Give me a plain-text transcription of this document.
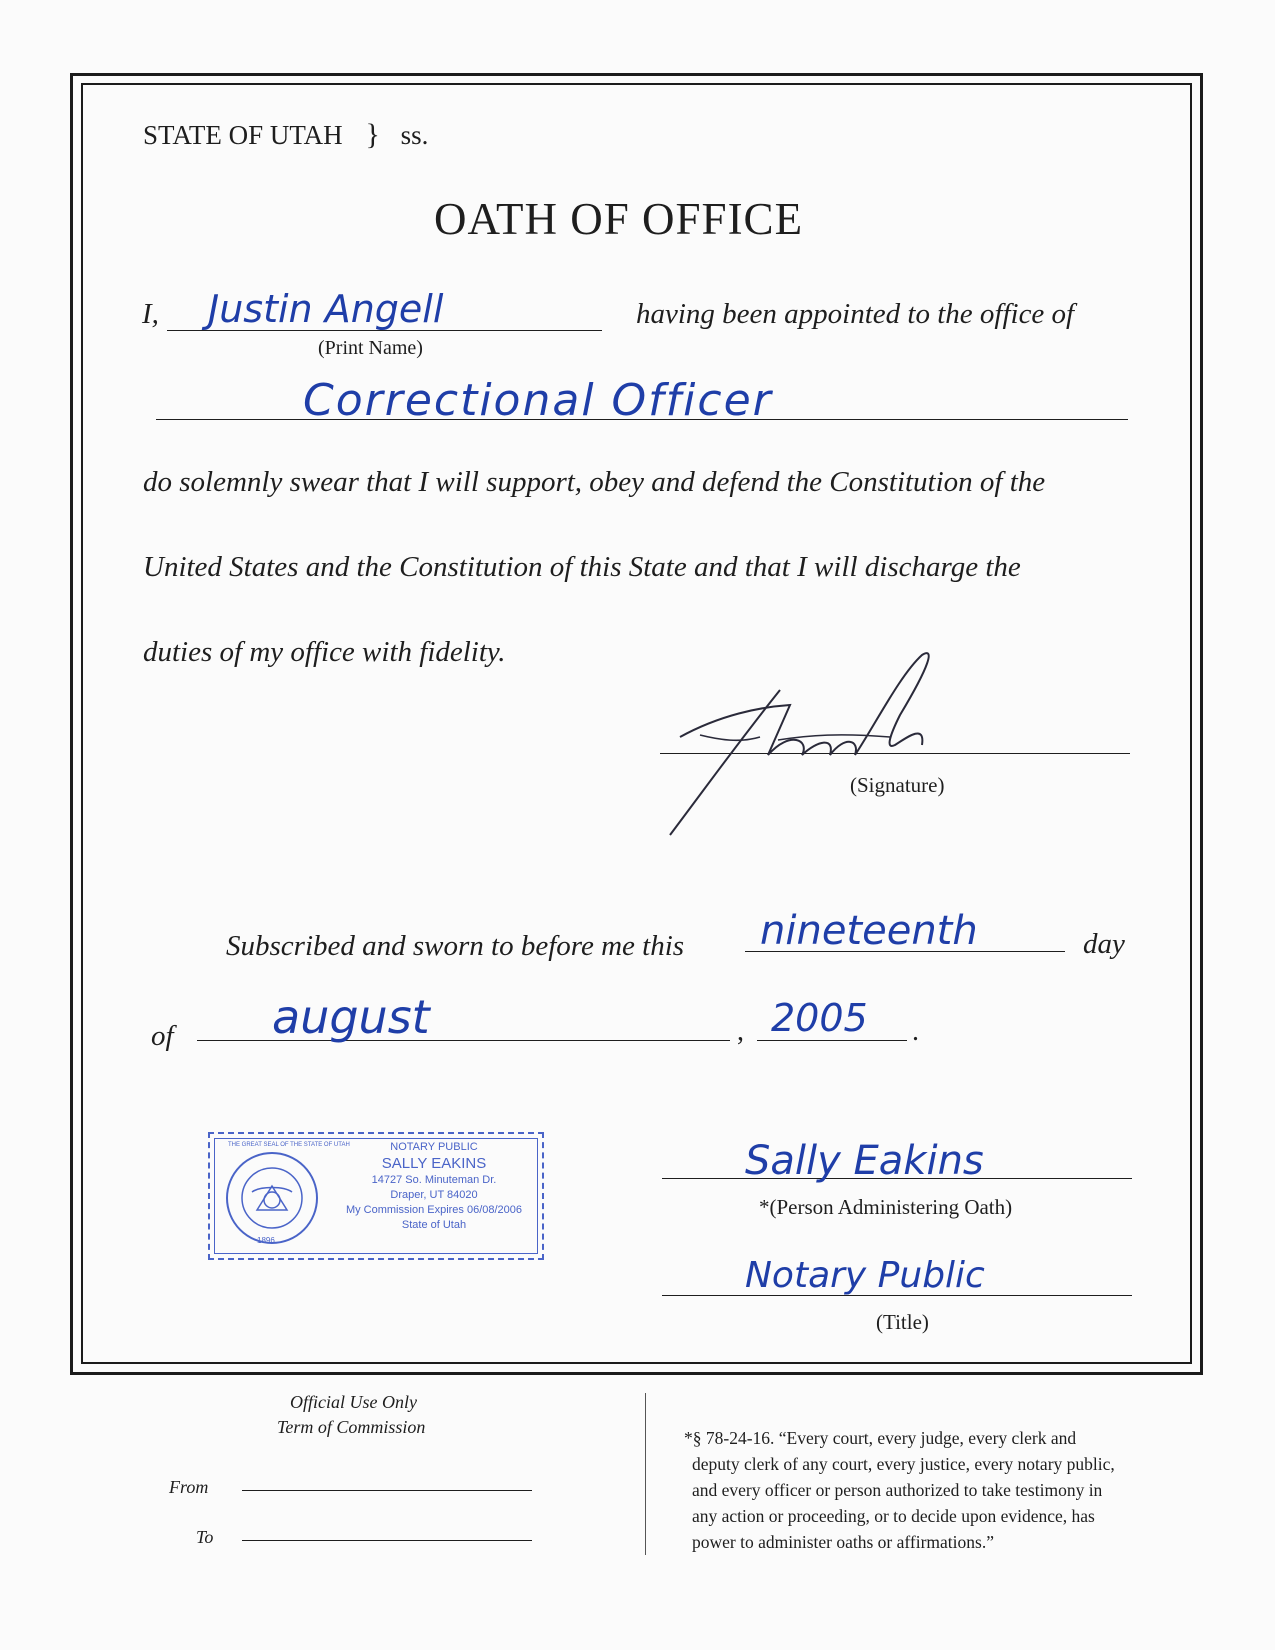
STATE OF UTAH } ss.
OATH OF OFFICE
I, Justin Angell
(Print Name)
having been appointed to the office of
Correctional Officer
do solemnly swear that I will support, obey and defend the Constitution of the
United States and the Constitution of this State and that I will discharge the
duties of my office with fidelity.
(Signature)
Subscribed and sworn to before me this nineteenth	day
of august	, 2005 .
1896
THE GREAT SEAL OF THE STATE OF UTAH	NOTARY PUBLIC
SALLY EAKINS
14727 So. Minuteman Dr.
Draper, UT 84020
My Commission Expires 06/08/2006
State of Utah
Sally Eakins
*(Person Administering Oath)
Notary Public
(Title)
Official Use Only
Term of Commission
From
To
*§ 78-24-16. “Every court, every judge, every clerk and
deputy clerk of any court, every justice, every notary public,
and every officer or person authorized to take testimony in
any action or proceeding, or to decide upon evidence, has
power to administer oaths or affirmations.”
